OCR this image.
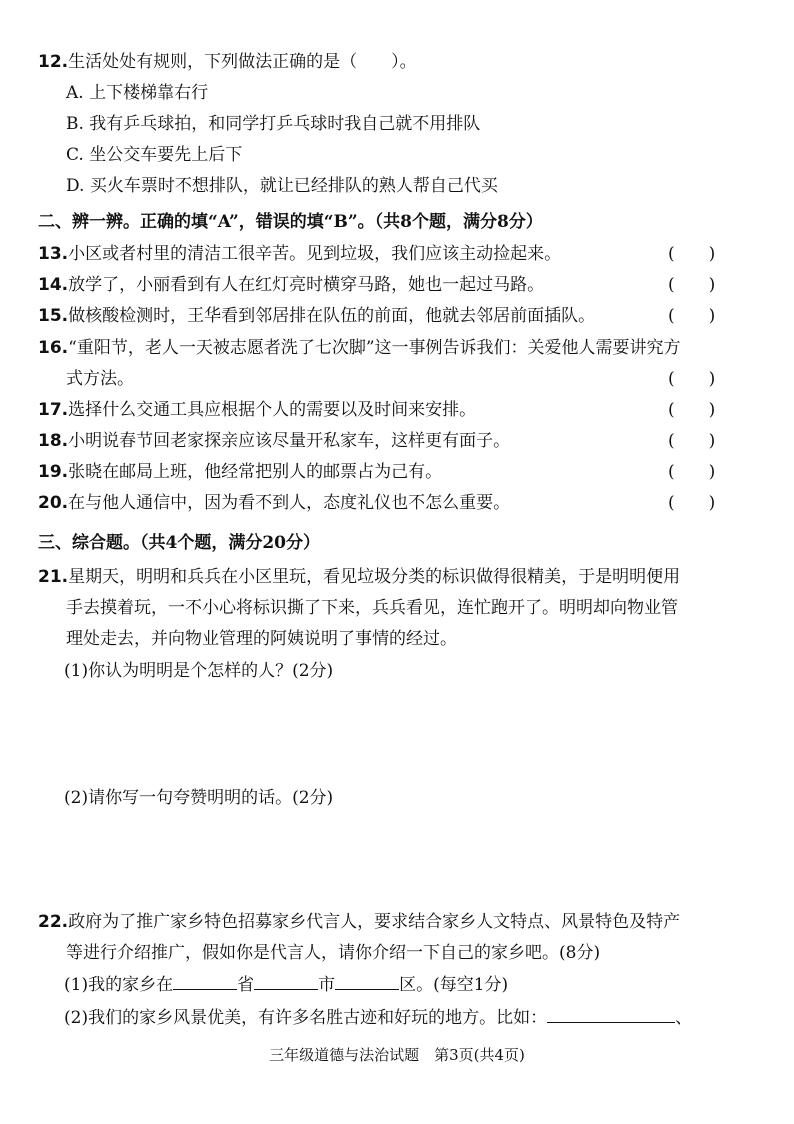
12.生活处处有规则，下列做法正确的是（　　）。
A. 上下楼梯靠右行
B. 我有乒乓球拍，和同学打乒乓球时我自己就不用排队
C. 坐公交车要先上后下
D. 买火车票时不想排队，就让已经排队的熟人帮自己代买
二、辨一辨。正确的填“A”，错误的填“B”。（共8个题，满分8分）
13.小区或者村里的清洁工很辛苦。见到垃圾，我们应该主动捡起来。	(　　)
14.放学了，小丽看到有人在红灯亮时横穿马路，她也一起过马路。	(　　)
15.做核酸检测时，王华看到邻居排在队伍的前面，他就去邻居前面插队。	(　　)
16.“重阳节，老人一天被志愿者洗了七次脚”这一事例告诉我们：关爱他人需要讲究方
式方法。	(　　)
17.选择什么交通工具应根据个人的需要以及时间来安排。	(　　)
18.小明说春节回老家探亲应该尽量开私家车，这样更有面子。	(　　)
19.张晓在邮局上班，他经常把别人的邮票占为己有。	(　　)
20.在与他人通信中，因为看不到人，态度礼仪也不怎么重要。	(　　)
三、综合题。（共4个题，满分20分）
21.星期天，明明和兵兵在小区里玩，看见垃圾分类的标识做得很精美，于是明明便用
手去摸着玩，一不小心将标识撕了下来，兵兵看见，连忙跑开了。明明却向物业管
理处走去，并向物业管理的阿姨说明了事情的经过。
(1)你认为明明是个怎样的人？(2分)
(2)请你写一句夸赞明明的话。(2分)
22.政府为了推广家乡特色招募家乡代言人，要求结合家乡人文特点、风景特色及特产
等进行介绍推广，假如你是代言人，请你介绍一下自己的家乡吧。(8分)
(1)我的家乡在	省	市	区。(每空1分)
(2)我们的家乡风景优美，有许多名胜古迹和好玩的地方。比如：	、
三年级道德与法治试题　第3页(共4页)
